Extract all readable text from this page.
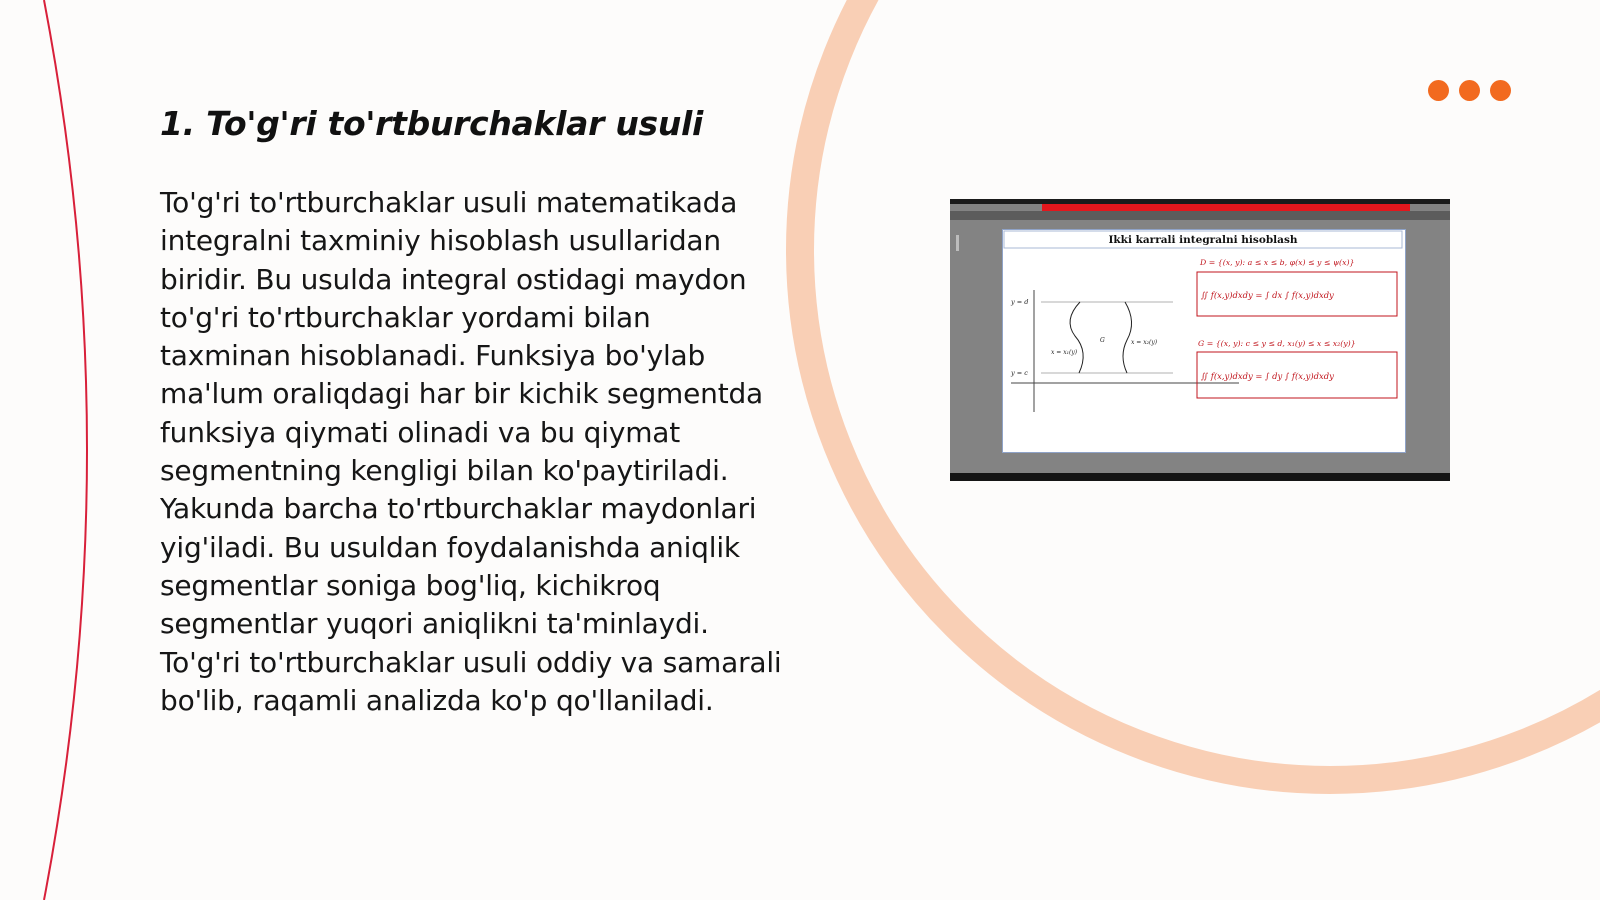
1. To'g'ri to'rtburchaklar usuli

To'g'ri to'rtburchaklar usuli matematikada
integralni taxminiy hisoblash usullaridan
biridir. Bu usulda integral ostidagi maydon
to'g'ri to'rtburchaklar yordami bilan
taxminan hisoblanadi. Funksiya bo'ylab
ma'lum oraliqdagi har bir kichik segmentda
funksiya qiymati olinadi va bu qiymat
segmentning kengligi bilan ko'paytiriladi.
Yakunda barcha to'rtburchaklar maydonlari
yig'iladi. Bu usuldan foydalanishda aniqlik
segmentlar soniga bog'liq, kichikroq
segmentlar yuqori aniqlikni ta'minlaydi.
To'g'ri to'rtburchaklar usuli oddiy va samarali
bo'lib, raqamli analizda ko'p qo'llaniladi.

Ikki karrali integralni hisoblash
y = d
y = c
x = x₁(y)
x = x₂(y)
G
D = {(x, y): a ≤ x ≤ b, φ(x) ≤ y ≤ ψ(x)}
∬ f(x,y)dxdy = ∫ dx ∫ f(x,y)dxdy
G = {(x, y): c ≤ y ≤ d, x₁(y) ≤ x ≤ x₂(y)}
∬ f(x,y)dxdy = ∫ dy ∫ f(x,y)dxdy
